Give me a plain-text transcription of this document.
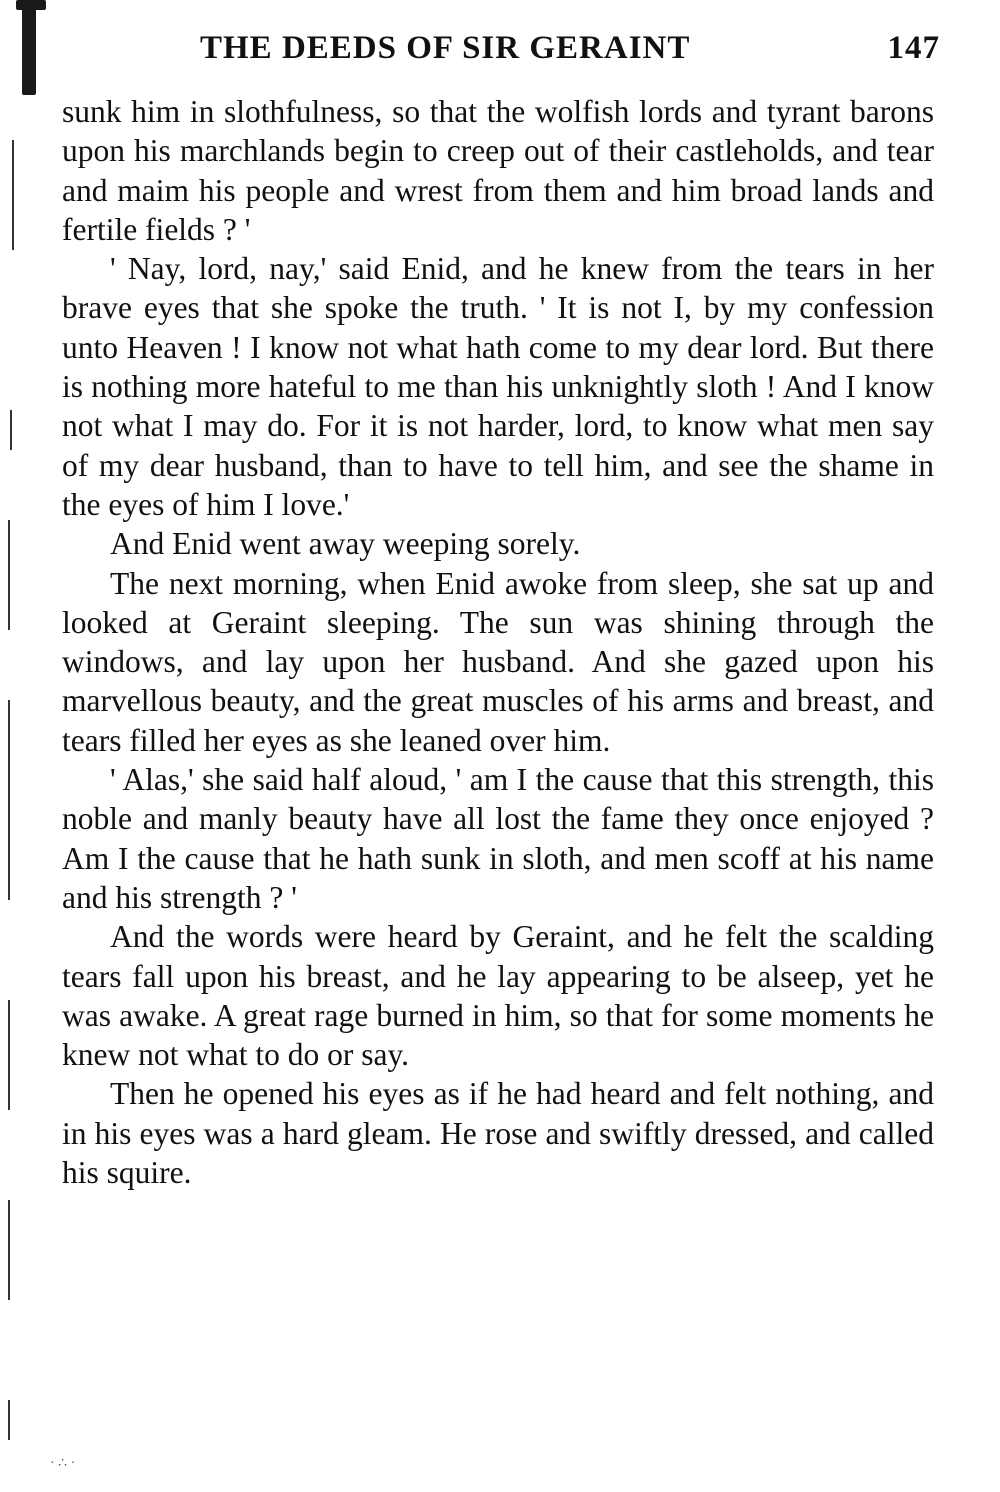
THE DEEDS OF SIR GERAINT	147

sunk him in slothfulness, so that the wolfish lords and tyrant barons upon his marchlands begin to creep out of their castleholds, and tear and maim his people and wrest from them and him broad lands and fertile fields ? '

' Nay, lord, nay,' said Enid, and he knew from the tears in her brave eyes that she spoke the truth. ' It is not I, by my confession unto Heaven ! I know not what hath come to my dear lord. But there is nothing more hateful to me than his unknightly sloth ! And I know not what I may do. For it is not harder, lord, to know what men say of my dear husband, than to have to tell him, and see the shame in the eyes of him I love.'

And Enid went away weeping sorely.

The next morning, when Enid awoke from sleep, she sat up and looked at Geraint sleeping. The sun was shining through the windows, and lay upon her husband. And she gazed upon his marvellous beauty, and the great muscles of his arms and breast, and tears filled her eyes as she leaned over him.

' Alas,' she said half aloud, ' am I the cause that this strength, this noble and manly beauty have all lost the fame they once enjoyed ? Am I the cause that he hath sunk in sloth, and men scoff at his name and his strength ? '

And the words were heard by Geraint, and he felt the scalding tears fall upon his breast, and he lay appearing to be alseep, yet he was awake. A great rage burned in him, so that for some moments he knew not what to do or say.

Then he opened his eyes as if he had heard and felt nothing, and in his eyes was a hard gleam. He rose and swiftly dressed, and called his squire.

· ∴ ·
